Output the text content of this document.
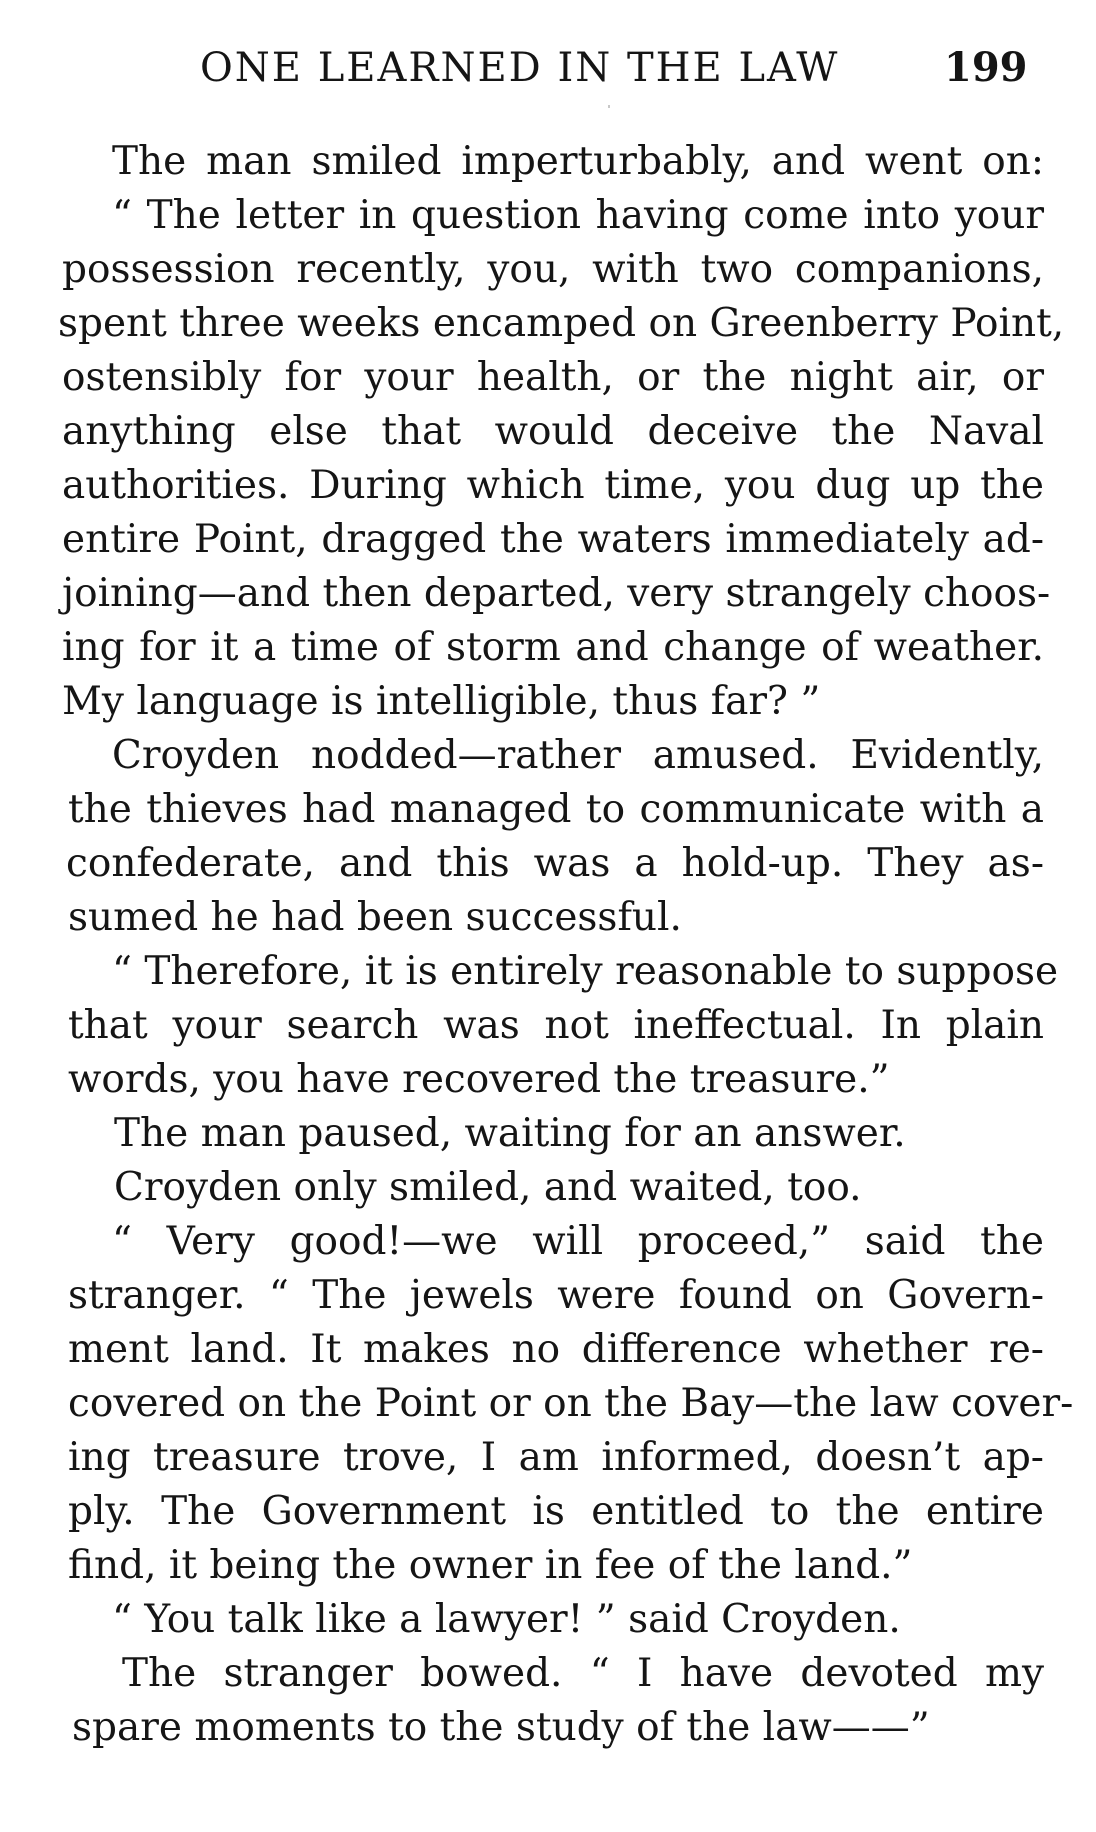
ONE LEARNED IN THE LAW	199
The man smiled imperturbably, and went on:
“ The letter in question having come into your
possession recently, you, with two companions,
spent three weeks encamped on Greenberry Point,
ostensibly for your health, or the night air, or
anything else that would deceive the Naval
authorities. During which time, you dug up the
entire Point, dragged the waters immediately ad-
joining—and then departed, very strangely choos-
ing for it a time of storm and change of weather.
My language is intelligible, thus far? ”
Croyden nodded—rather amused. Evidently,
the thieves had managed to communicate with a
confederate, and this was a hold-up. They as-
sumed he had been successful.
“ Therefore, it is entirely reasonable to suppose
that your search was not ineffectual. In plain
words, you have recovered the treasure.”
The man paused, waiting for an answer.
Croyden only smiled, and waited, too.
“ Very good!—we will proceed,” said the
stranger. “ The jewels were found on Govern-
ment land. It makes no difference whether re-
covered on the Point or on the Bay—the law cover-
ing treasure trove, I am informed, doesn’t ap-
ply. The Government is entitled to the entire
find, it being the owner in fee of the land.”
“ You talk like a lawyer! ” said Croyden.
The stranger bowed. “ I have devoted my
spare moments to the study of the law——”
